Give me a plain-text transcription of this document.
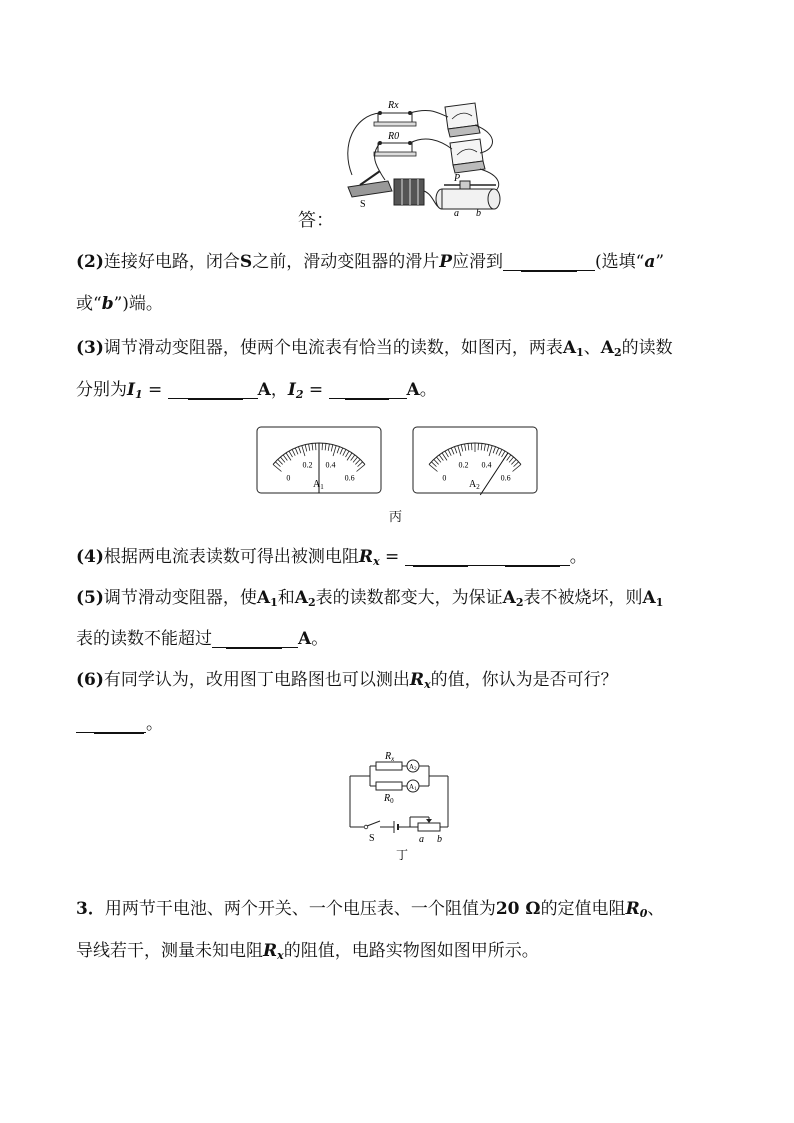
Rx
R0
S
P
a b
答：
(2)连接好电路，闭合S之前，滑动变阻器的滑片P应滑到	(选填“a”
或“b”)端。
(3)调节滑动变阻器，使两个电流表有恰当的读数，如图丙，两表$A_1$、$A_2$的读数
分别为$I_1$ =	A，$I_2$ =	A。
0
0.2 0.4
0.6
$A_1$
0
0.2 0.4
0.6
$A_2$
丙
(4)根据两电流表读数可得出被测电阻$R_x$ =	。
(5)调节滑动变阻器，使$A_1$和$A_2$表的读数都变大，为保证$A_2$表不被烧坏，则$A_1$
表的读数不能超过	A。
(6)有同学认为，改用图丁电路图也可以测出$R_x$的值，你认为是否可行？
。
$R_x$
$R_0$
A2
A1
S	a b
丁
3．用两节干电池、两个开关、一个电压表、一个阻值为20 Ω的定值电阻$R_0$、
导线若干，测量未知电阻$R_x$的阻值，电路实物图如图甲所示。
